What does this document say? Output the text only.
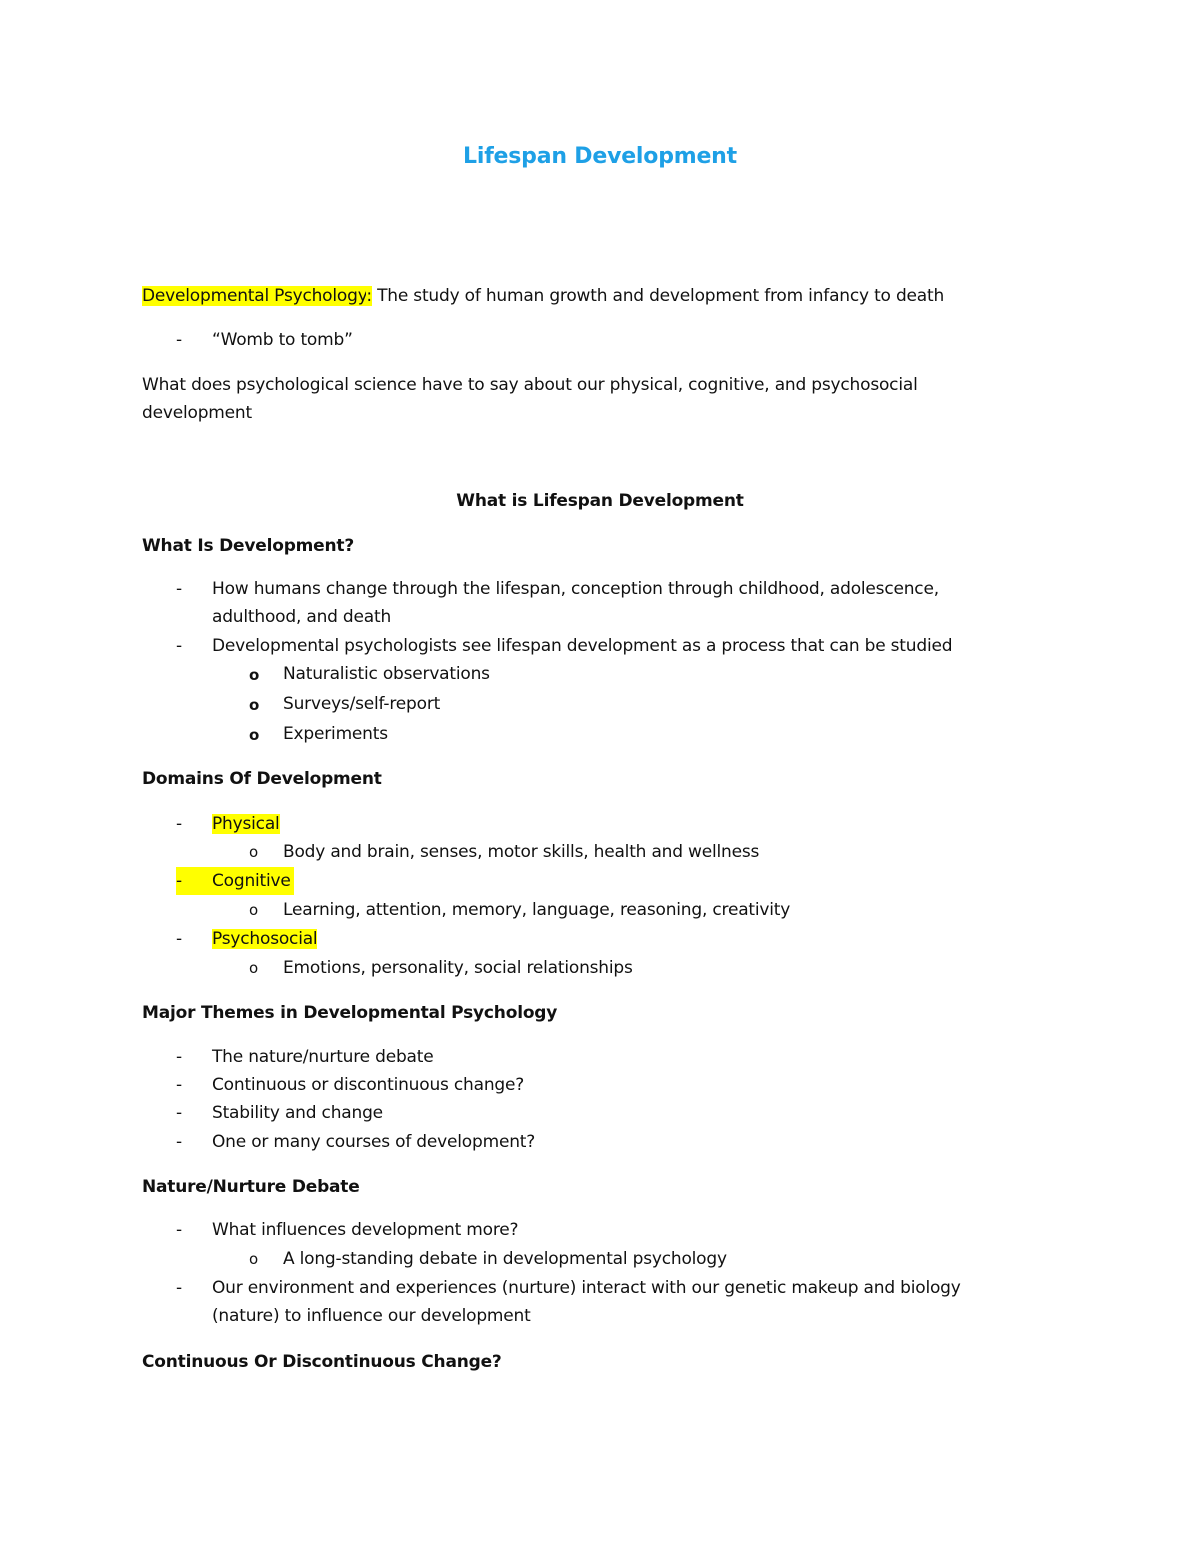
Lifespan Development
Developmental Psychology: The study of human growth and development from infancy to death
- “Womb to tomb”
What does psychological science have to say about our physical, cognitive, and psychosocial
development
What is Lifespan Development
What Is Development?
- How humans change through the lifespan, conception through childhood, adolescence,
adulthood, and death
- Developmental psychologists see lifespan development as a process that can be studied
o Naturalistic observations
o Surveys/self-report
o Experiments
Domains Of Development
- Physical
o Body and brain, senses, motor skills, health and wellness
- Cognitive
o Learning, attention, memory, language, reasoning, creativity
- Psychosocial
o Emotions, personality, social relationships
Major Themes in Developmental Psychology
- The nature/nurture debate
- Continuous or discontinuous change?
- Stability and change
- One or many courses of development?
Nature/Nurture Debate
- What influences development more?
o A long-standing debate in developmental psychology
- Our environment and experiences (nurture) interact with our genetic makeup and biology
(nature) to influence our development
Continuous Or Discontinuous Change?
